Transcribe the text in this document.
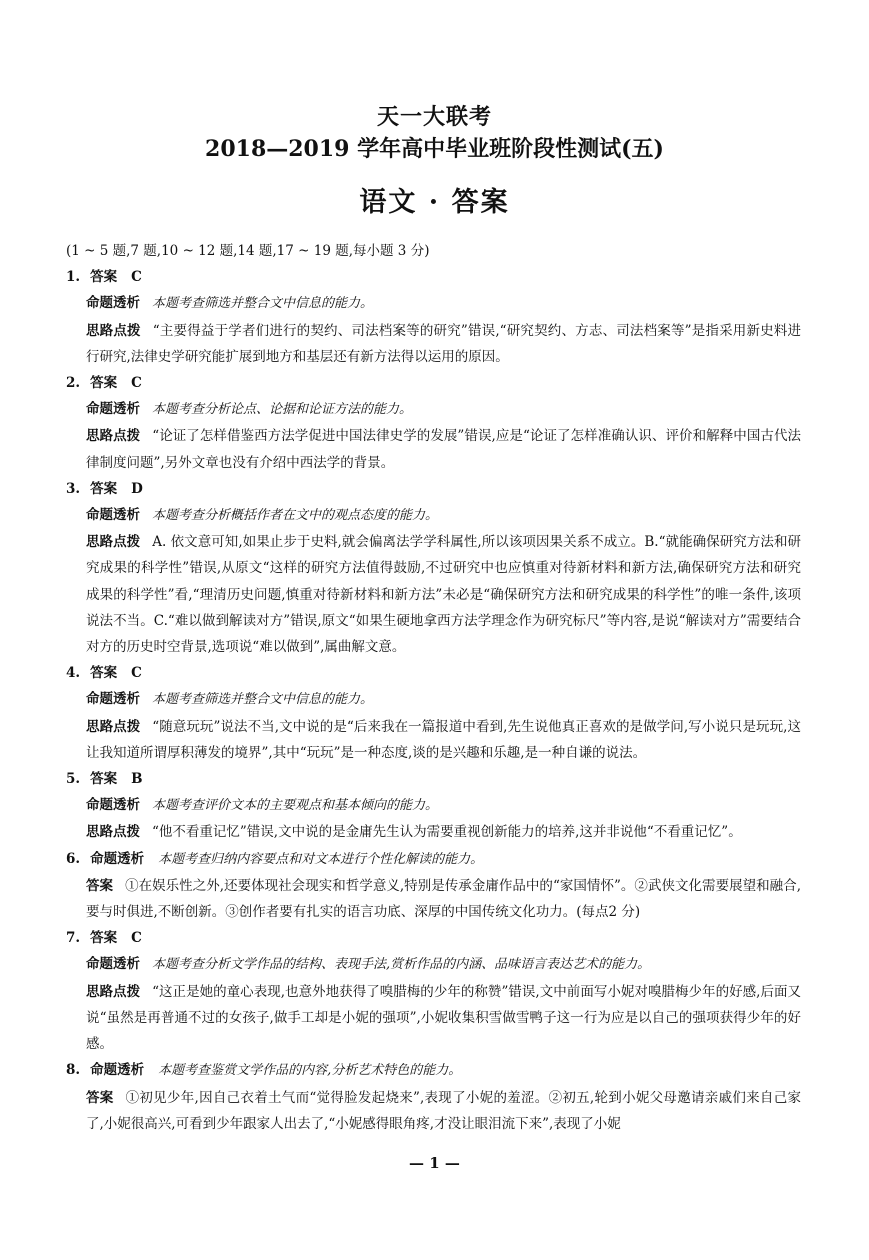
天一大联考
2018—2019 学年高中毕业班阶段性测试(五)
语文 · 答案

(1 ~ 5 题,7 题,10 ~ 12 题,14 题,17 ~ 19 题,每小题 3 分)

1. 答案 C

命题透析 本题考查筛选并整合文中信息的能力。

思路点拨 “主要得益于学者们进行的契约、司法档案等的研究”错误,“研究契约、方志、司法档案等”是指采用新史料进行研究,法律史学研究能扩展到地方和基层还有新方法得以运用的原因。

2. 答案 C

命题透析 本题考查分析论点、论据和论证方法的能力。

思路点拨 “论证了怎样借鉴西方法学促进中国法律史学的发展”错误,应是“论证了怎样准确认识、评价和解释中国古代法律制度问题”,另外文章也没有介绍中西法学的背景。

3. 答案 D

命题透析 本题考查分析概括作者在文中的观点态度的能力。

思路点拨 A. 依文意可知,如果止步于史料,就会偏离法学学科属性,所以该项因果关系不成立。B.“就能确保研究方法和研究成果的科学性”错误,从原文“这样的研究方法值得鼓励,不过研究中也应慎重对待新材料和新方法,确保研究方法和研究成果的科学性”看,“理清历史问题,慎重对待新材料和新方法”未必是“确保研究方法和研究成果的科学性”的唯一条件,该项说法不当。C.“难以做到解读对方”错误,原文“如果生硬地拿西方法学理念作为研究标尺”等内容,是说“解读对方”需要结合对方的历史时空背景,选项说“难以做到”,属曲解文意。

4. 答案 C

命题透析 本题考查筛选并整合文中信息的能力。

思路点拨 “随意玩玩”说法不当,文中说的是“后来我在一篇报道中看到,先生说他真正喜欢的是做学问,写小说只是玩玩,这让我知道所谓厚积薄发的境界”,其中“玩玩”是一种态度,谈的是兴趣和乐趣,是一种自谦的说法。

5. 答案 B

命题透析 本题考查评价文本的主要观点和基本倾向的能力。

思路点拨 “他不看重记忆”错误,文中说的是金庸先生认为需要重视创新能力的培养,这并非说他“不看重记忆”。

6. 命题透析 本题考查归纳内容要点和对文本进行个性化解读的能力。

答案 ①在娱乐性之外,还要体现社会现实和哲学意义,特别是传承金庸作品中的“家国情怀”。②武侠文化需要展望和融合,要与时俱进,不断创新。③创作者要有扎实的语言功底、深厚的中国传统文化功力。(每点2 分)

7. 答案 C

命题透析 本题考查分析文学作品的结构、表现手法,赏析作品的内涵、品味语言表达艺术的能力。

思路点拨 “这正是她的童心表现,也意外地获得了嗅腊梅的少年的称赞”错误,文中前面写小妮对嗅腊梅少年的好感,后面又说“虽然是再普通不过的女孩子,做手工却是小妮的强项”,小妮收集积雪做雪鸭子这一行为应是以自己的强项获得少年的好感。

8. 命题透析 本题考查鉴赏文学作品的内容,分析艺术特色的能力。

答案 ①初见少年,因自己衣着土气而“觉得脸发起烧来”,表现了小妮的羞涩。②初五,轮到小妮父母邀请亲戚们来自己家了,小妮很高兴,可看到少年跟家人出去了,“小妮感得眼角疼,才没让眼泪流下来”,表现了小妮

— 1 —
